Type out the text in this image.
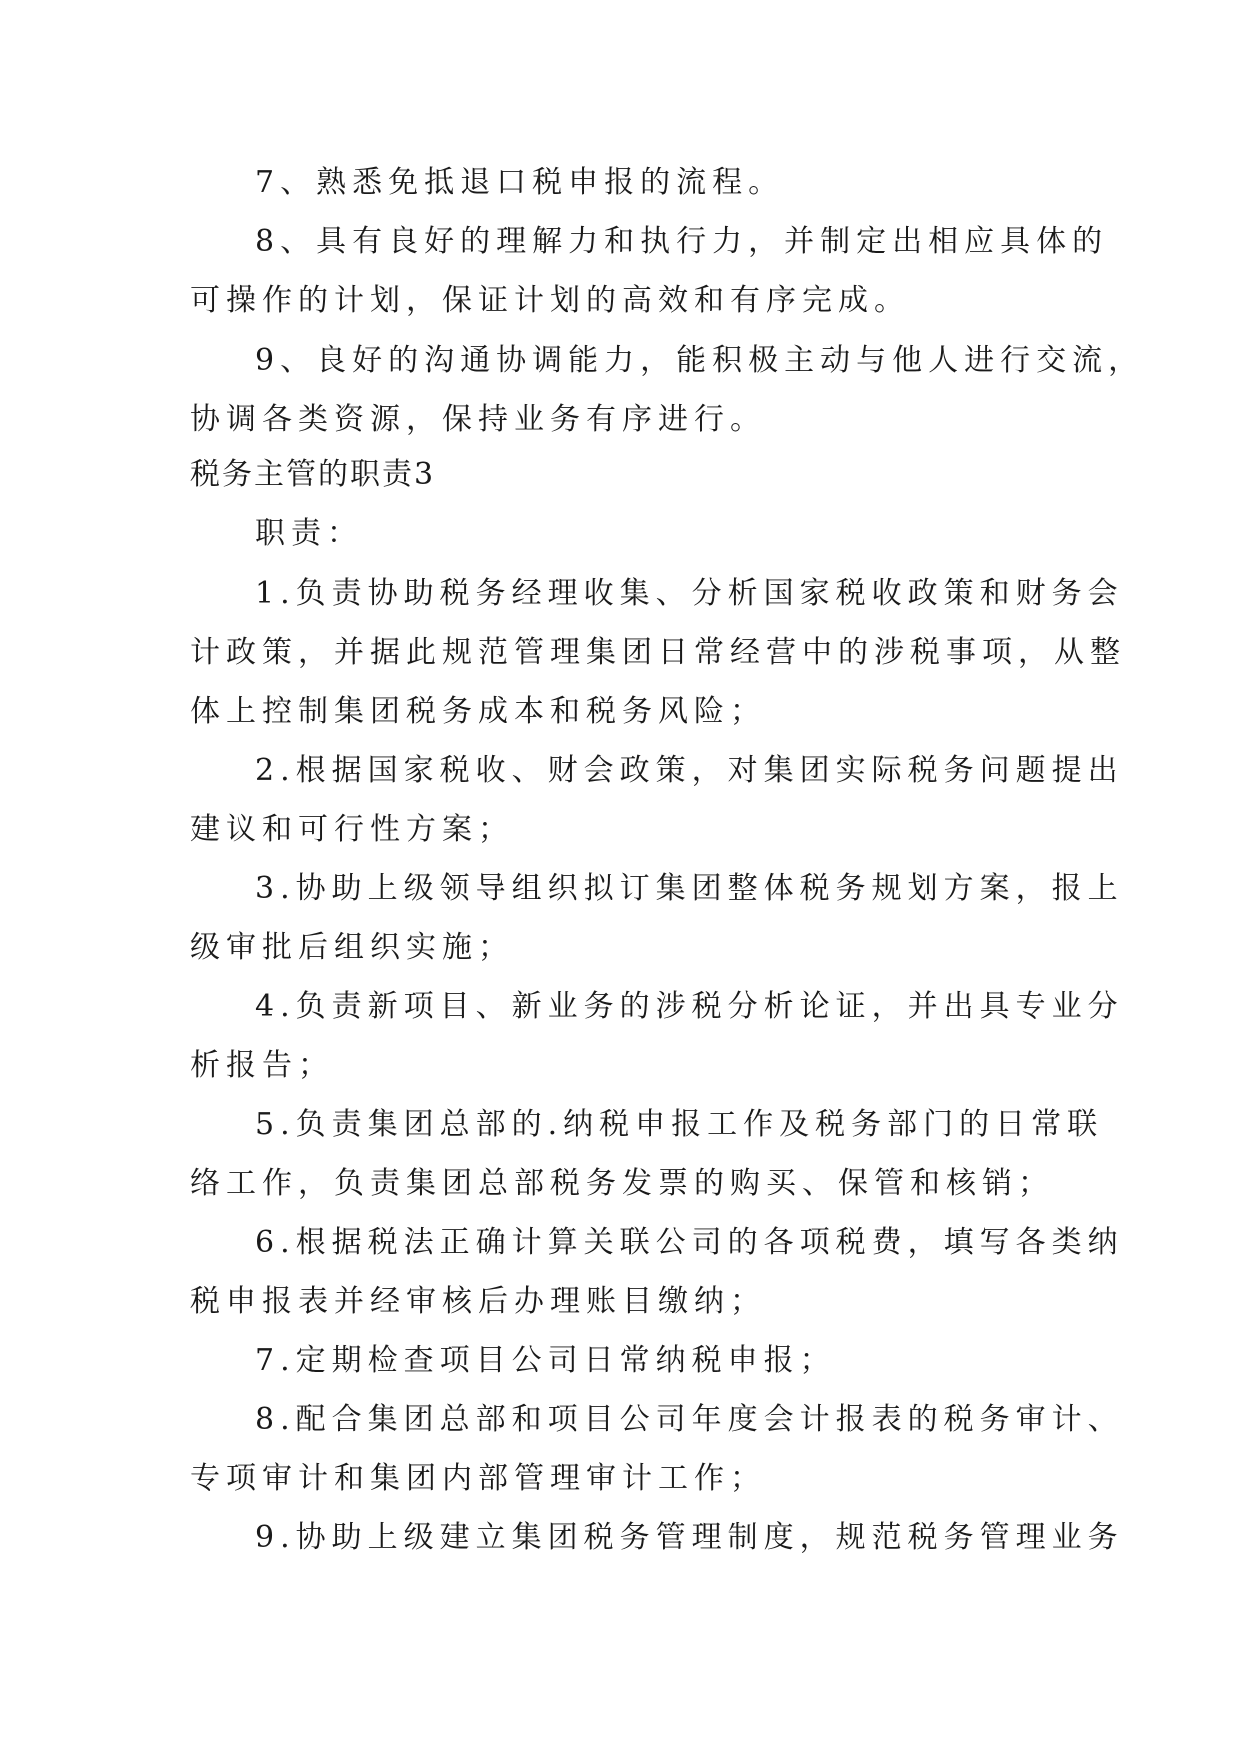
7、熟悉免抵退口税申报的流程。
8、具有良好的理解力和执行力，并制定出相应具体的
可操作的计划，保证计划的高效和有序完成。
9、良好的沟通协调能力，能积极主动与他人进行交流，
协调各类资源，保持业务有序进行。
税务主管的职责3
职责：
1.负责协助税务经理收集、分析国家税收政策和财务会
计政策，并据此规范管理集团日常经营中的涉税事项，从整
体上控制集团税务成本和税务风险；
2.根据国家税收、财会政策，对集团实际税务问题提出
建议和可行性方案；
3.协助上级领导组织拟订集团整体税务规划方案，报上
级审批后组织实施；
4.负责新项目、新业务的涉税分析论证，并出具专业分
析报告；
5.负责集团总部的.纳税申报工作及税务部门的日常联
络工作，负责集团总部税务发票的购买、保管和核销；
6.根据税法正确计算关联公司的各项税费，填写各类纳
税申报表并经审核后办理账目缴纳；
7.定期检查项目公司日常纳税申报；
8.配合集团总部和项目公司年度会计报表的税务审计、
专项审计和集团内部管理审计工作；
9.协助上级建立集团税务管理制度，规范税务管理业务
